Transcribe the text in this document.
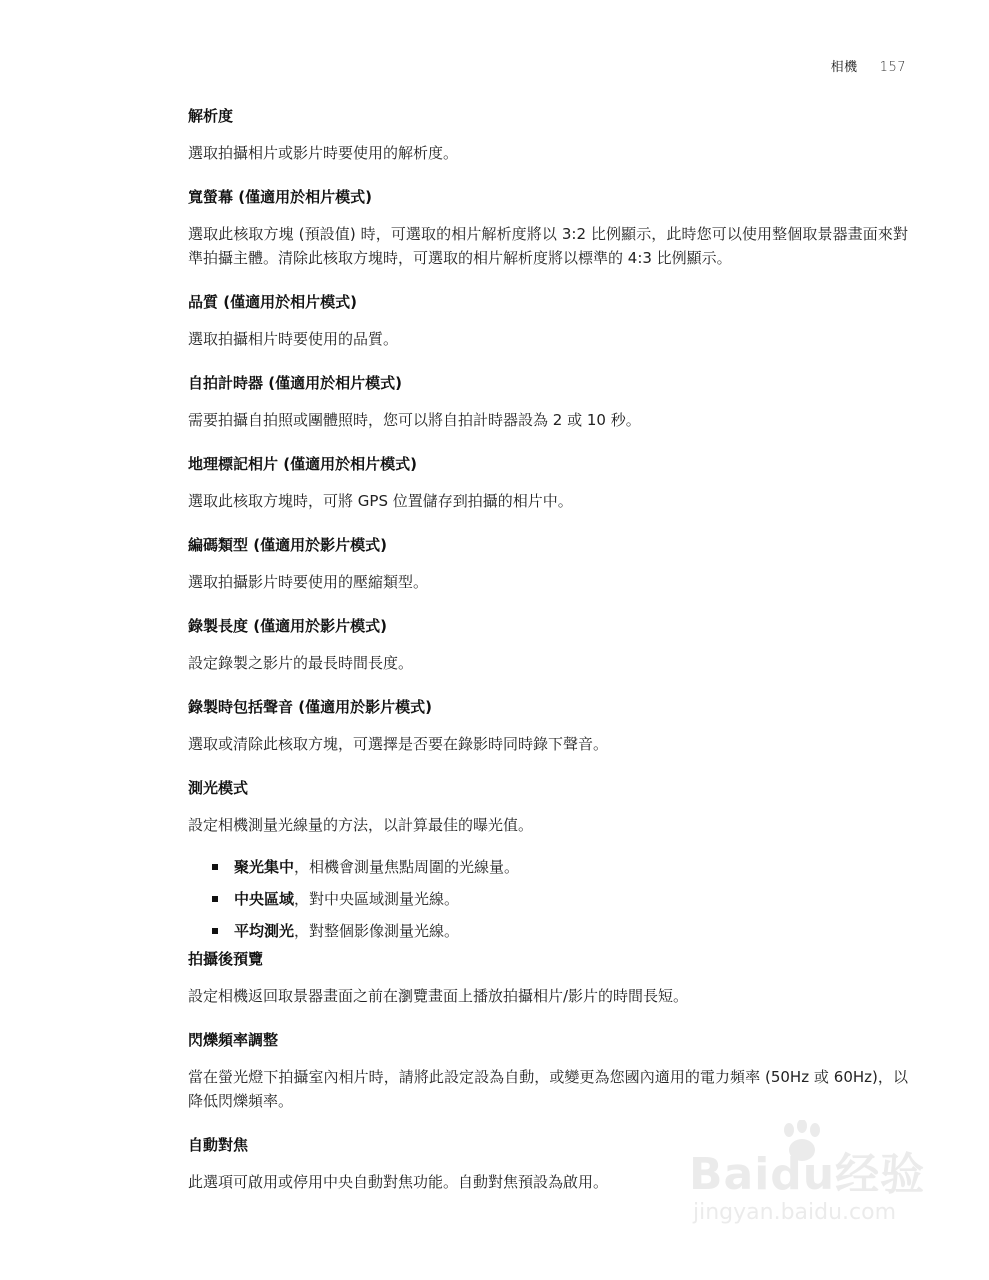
相機 157
解析度
選取拍攝相片或影片時要使用的解析度。
寬螢幕 (僅適用於相片模式)
選取此核取方塊 (預設值) 時，可選取的相片解析度將以 3:2 比例顯示，此時您可以使用整個取景器畫面來對準拍攝主體。清除此核取方塊時，可選取的相片解析度將以標準的 4:3 比例顯示。
品質 (僅適用於相片模式)
選取拍攝相片時要使用的品質。
自拍計時器 (僅適用於相片模式)
需要拍攝自拍照或團體照時，您可以將自拍計時器設為 2 或 10 秒。
地理標記相片 (僅適用於相片模式)
選取此核取方塊時，可將 GPS 位置儲存到拍攝的相片中。
編碼類型 (僅適用於影片模式)
選取拍攝影片時要使用的壓縮類型。
錄製長度 (僅適用於影片模式)
設定錄製之影片的最長時間長度。
錄製時包括聲音 (僅適用於影片模式)
選取或清除此核取方塊，可選擇是否要在錄影時同時錄下聲音。
測光模式
設定相機測量光線量的方法，以計算最佳的曝光值。
聚光集中，相機會測量焦點周圍的光線量。
中央區域，對中央區域測量光線。
平均測光，對整個影像測量光線。
拍攝後預覽
設定相機返回取景器畫面之前在瀏覽畫面上播放拍攝相片/影片的時間長短。
閃爍頻率調整
當在螢光燈下拍攝室內相片時，請將此設定設為自動，或變更為您國內適用的電力頻率 (50Hz 或 60Hz)，以降低閃爍頻率。
自動對焦
此選項可啟用或停用中央自動對焦功能。自動對焦預設為啟用。	Baidu经验
jingyan.baidu.com
